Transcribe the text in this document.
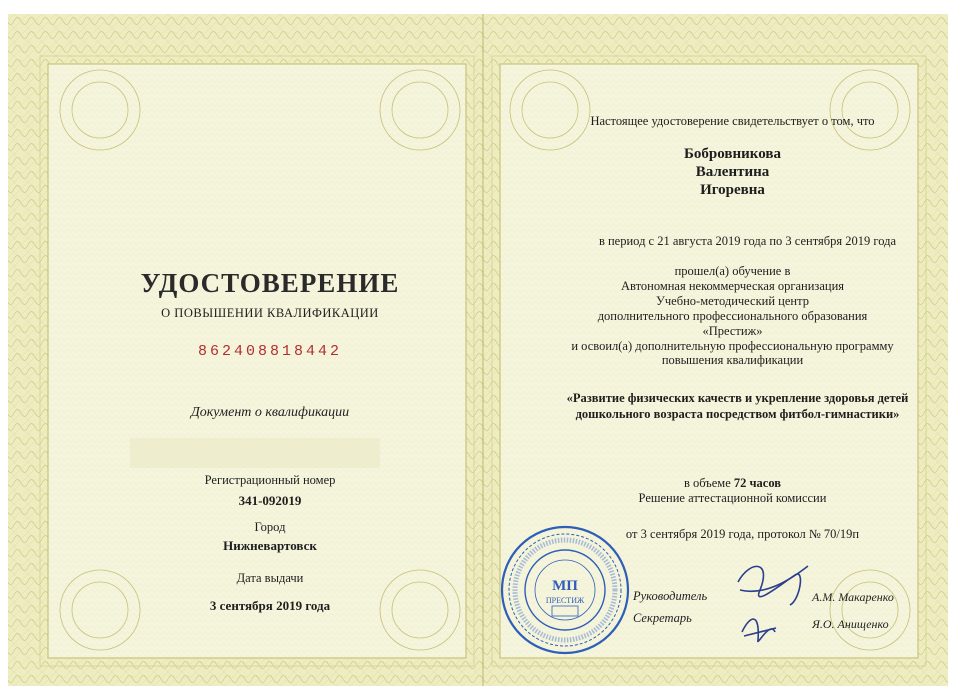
УДОСТОВЕРЕНИЕ
О ПОВЫШЕНИИ КВАЛИФИКАЦИИ
862408818442
Документ о квалификации
Регистрационный номер
341-092019
Город
Нижневартовск
Дата выдачи
3 сентября 2019 года
Настоящее удостоверение свидетельствует о том, что
Бобровникова
Валентина
Игоревна
в период с 21 августа 2019 года по 3 сентября 2019 года
прошел(а) обучение в
Автономная некоммерческая организация
Учебно-методический центр
дополнительного профессионального образования
«Престиж»
и освоил(а) дополнительную профессиональную программу
повышения квалификации
«Развитие физических качеств и укрепление здоровья детей
дошкольного возраста посредством фитбол-гимнастики»
в объеме 72 часов
Решение аттестационной комиссии
от 3 сентября 2019 года, протокол № 70/19п
Руководитель	А.М. Макаренко
Секретарь	Я.О. Анищенко
МП
ПРЕСТИЖ
